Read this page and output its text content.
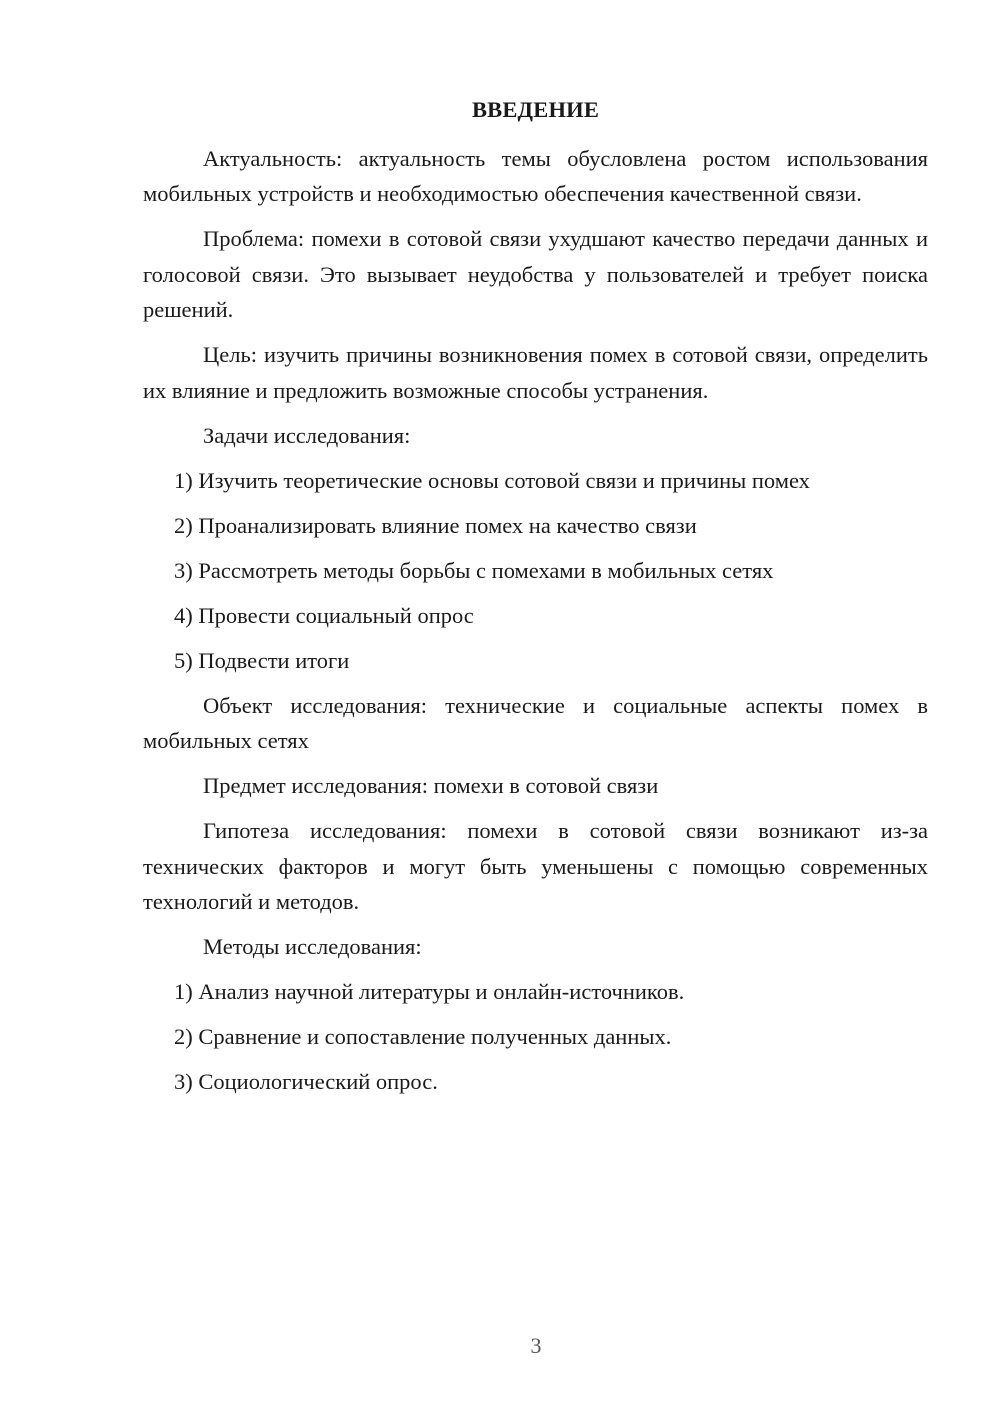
ВВЕДЕНИЕ
Актуальность: актуальность темы обусловлена ростом использования мобильных устройств и необходимостью обеспечения качественной связи.
Проблема: помехи в сотовой связи ухудшают качество передачи данных и голосовой связи. Это вызывает неудобства у пользователей и требует поиска решений.
Цель: изучить причины возникновения помех в сотовой связи, определить их влияние и предложить возможные способы устранения.
Задачи исследования:
1) Изучить теоретические основы сотовой связи и причины помех
2) Проанализировать влияние помех на качество связи
3) Рассмотреть методы борьбы с помехами в мобильных сетях
4) Провести социальный опрос
5) Подвести итоги
Объект исследования: технические и социальные аспекты помех в мобильных сетях
Предмет исследования: помехи в сотовой связи
Гипотеза исследования: помехи в сотовой связи возникают из-за технических факторов и могут быть уменьшены с помощью современных технологий и методов.
Методы исследования:
1) Анализ научной литературы и онлайн-источников.
2) Сравнение и сопоставление полученных данных.
3) Социологический опрос.
3
